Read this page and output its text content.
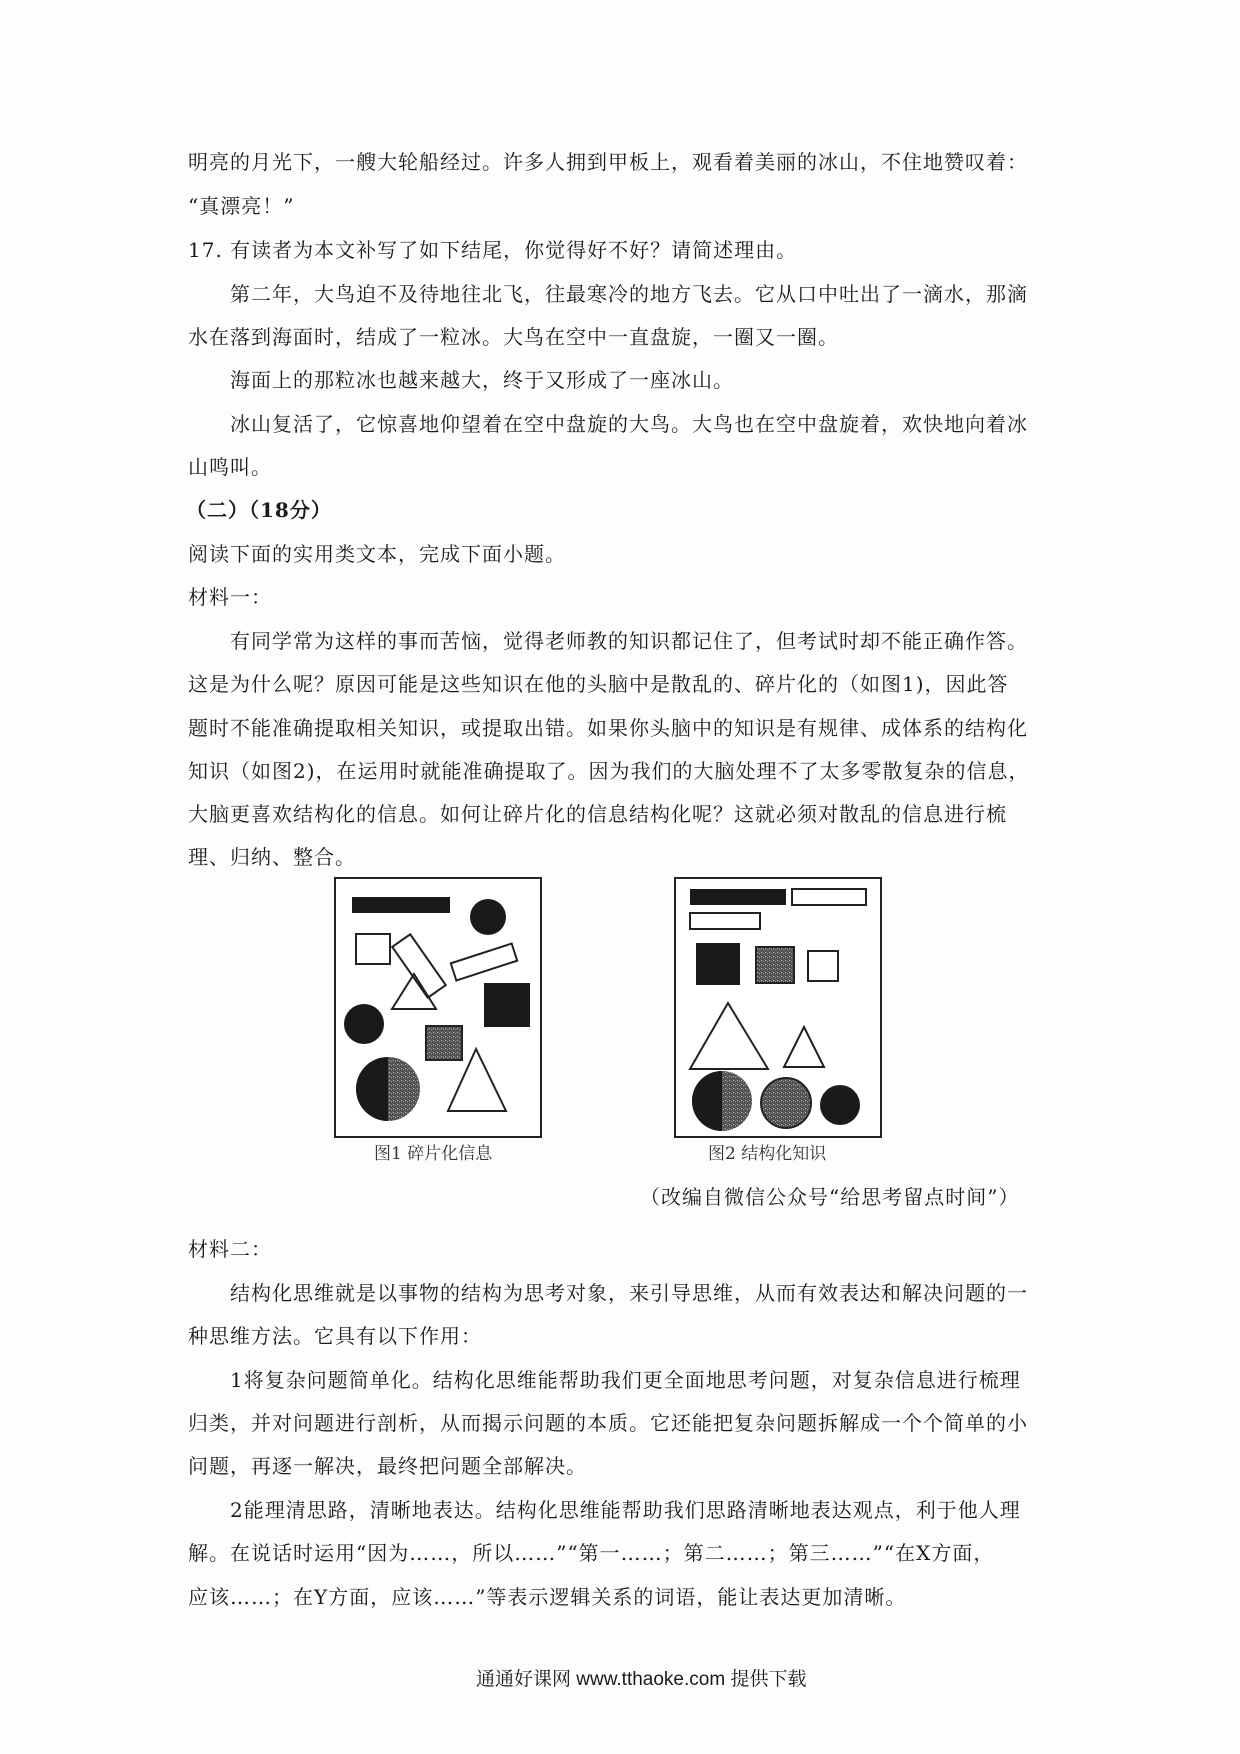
明亮的月光下，一艘大轮船经过。许多人拥到甲板上，观看着美丽的冰山，不住地赞叹着：
“真漂亮！”
17. 有读者为本文补写了如下结尾，你觉得好不好？请简述理由。
第二年，大鸟迫不及待地往北飞，往最寒冷的地方飞去。它从口中吐出了一滴水，那滴
水在落到海面时，结成了一粒冰。大鸟在空中一直盘旋，一圈又一圈。
海面上的那粒冰也越来越大，终于又形成了一座冰山。
冰山复活了，它惊喜地仰望着在空中盘旋的大鸟。大鸟也在空中盘旋着，欢快地向着冰
山鸣叫。
（二）（18分）
阅读下面的实用类文本，完成下面小题。
材料一：
有同学常为这样的事而苦恼，觉得老师教的知识都记住了，但考试时却不能正确作答。
这是为什么呢？原因可能是这些知识在他的头脑中是散乱的、碎片化的（如图1)，因此答
题时不能准确提取相关知识，或提取出错。如果你头脑中的知识是有规律、成体系的结构化
知识（如图2)，在运用时就能准确提取了。因为我们的大脑处理不了太多零散复杂的信息，
大脑更喜欢结构化的信息。如何让碎片化的信息结构化呢？这就必须对散乱的信息进行梳
理、归纳、整合。
图1 碎片化信息	图2 结构化知识
（改编自微信公众号“给思考留点时间”）
材料二：
结构化思维就是以事物的结构为思考对象，来引导思维，从而有效表达和解决问题的一
种思维方法。它具有以下作用：
1将复杂问题简单化。结构化思维能帮助我们更全面地思考问题，对复杂信息进行梳理
归类，并对问题进行剖析，从而揭示问题的本质。它还能把复杂问题拆解成一个个简单的小
问题，再逐一解决，最终把问题全部解决。
2能理清思路，清晰地表达。结构化思维能帮助我们思路清晰地表达观点，利于他人理
解。在说话时运用“因为……，所以……”“第一……；第二……；第三……”“在X方面，
应该……；在Y方面，应该……”等表示逻辑关系的词语，能让表达更加清晰。
通通好课网 www.tthaoke.com 提供下载
